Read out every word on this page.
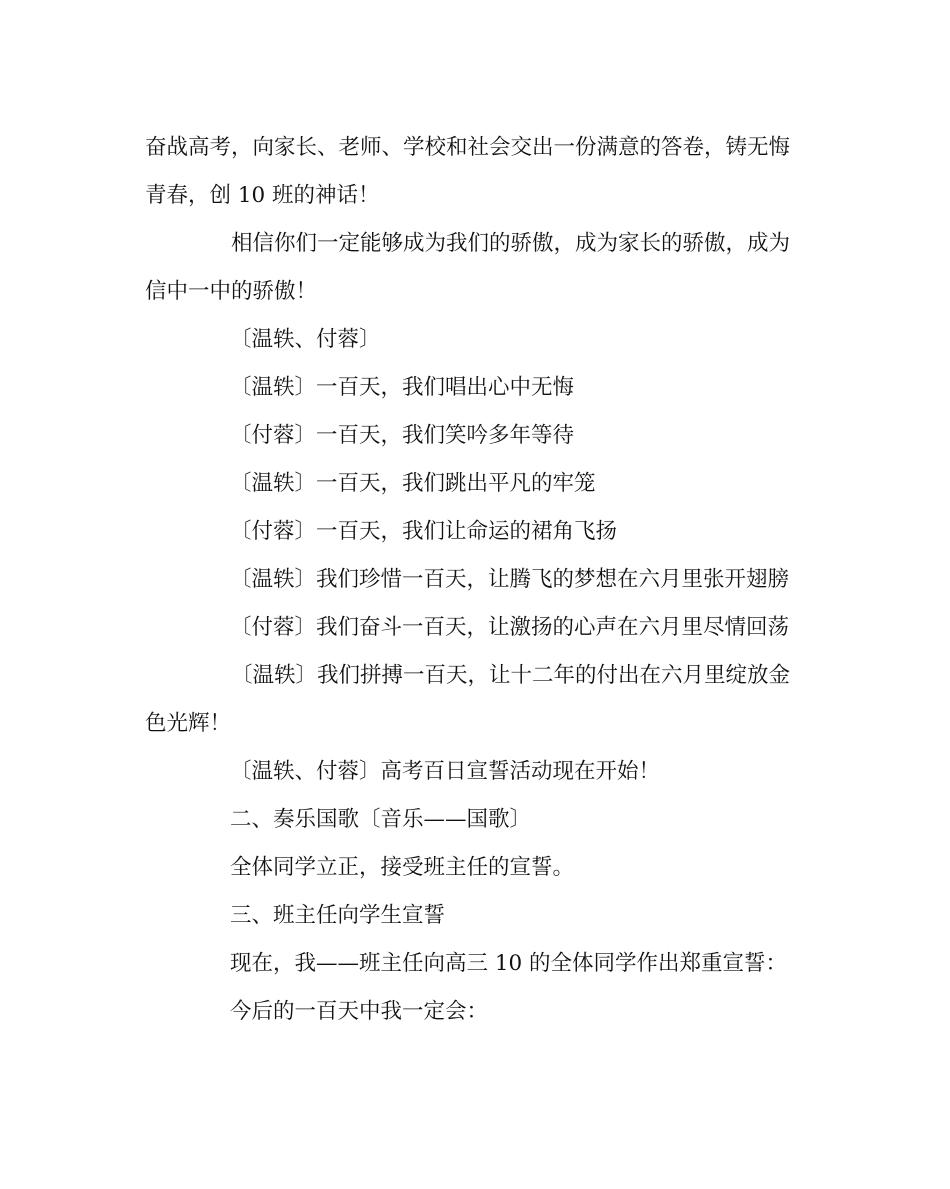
奋战高考，向家长、老师、学校和社会交出一份满意的答卷，铸无悔
青春，创 10 班的神话！

相信你们一定能够成为我们的骄傲，成为家长的骄傲，成为
信中一中的骄傲！

〔温轶、付蓉〕

〔温轶〕一百天，我们唱出心中无悔

〔付蓉〕一百天，我们笑吟多年等待

〔温轶〕一百天，我们跳出平凡的牢笼

〔付蓉〕一百天，我们让命运的裙角飞扬

〔温轶〕我们珍惜一百天，让腾飞的梦想在六月里张开翅膀

〔付蓉〕我们奋斗一百天，让激扬的心声在六月里尽情回荡

〔温轶〕我们拼搏一百天，让十二年的付出在六月里绽放金
色光辉！

〔温轶、付蓉〕高考百日宣誓活动现在开始！

二、奏乐国歌〔音乐——国歌〕

全体同学立正，接受班主任的宣誓。

三、班主任向学生宣誓

现在，我——班主任向高三 10 的全体同学作出郑重宣誓：

今后的一百天中我一定会：
